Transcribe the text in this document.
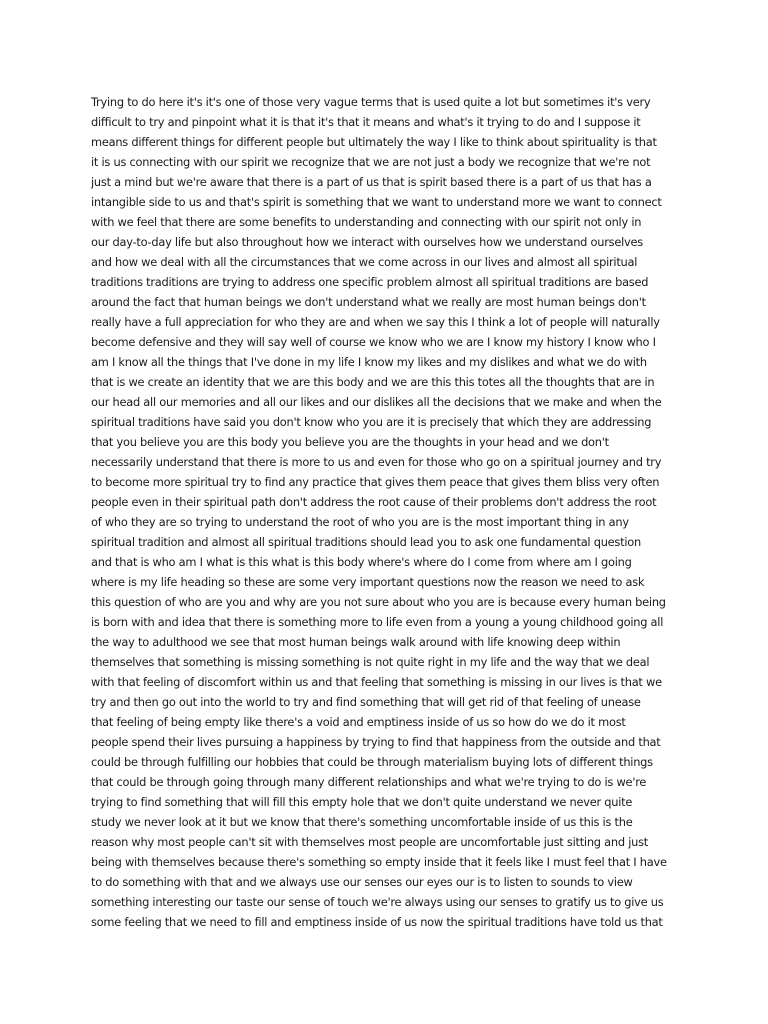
Trying to do here it's it's one of those very vague terms that is used quite a lot but sometimes it's very
difficult to try and pinpoint what it is that it's that it means and what's it trying to do and I suppose it
means different things for different people but ultimately the way I like to think about spirituality is that
it is us connecting with our spirit we recognize that we are not just a body we recognize that we're not
just a mind but we're aware that there is a part of us that is spirit based there is a part of us that has a
intangible side to us and that's spirit is something that we want to understand more we want to connect
with we feel that there are some benefits to understanding and connecting with our spirit not only in
our day-to-day life but also throughout how we interact with ourselves how we understand ourselves
and how we deal with all the circumstances that we come across in our lives and almost all spiritual
traditions traditions are trying to address one specific problem almost all spiritual traditions are based
around the fact that human beings we don't understand what we really are most human beings don't
really have a full appreciation for who they are and when we say this I think a lot of people will naturally
become defensive and they will say well of course we know who we are I know my history I know who I
am I know all the things that I've done in my life I know my likes and my dislikes and what we do with
that is we create an identity that we are this body and we are this this totes all the thoughts that are in
our head all our memories and all our likes and our dislikes all the decisions that we make and when the
spiritual traditions have said you don't know who you are it is precisely that which they are addressing
that you believe you are this body you believe you are the thoughts in your head and we don't
necessarily understand that there is more to us and even for those who go on a spiritual journey and try
to become more spiritual try to find any practice that gives them peace that gives them bliss very often
people even in their spiritual path don't address the root cause of their problems don't address the root
of who they are so trying to understand the root of who you are is the most important thing in any
spiritual tradition and almost all spiritual traditions should lead you to ask one fundamental question
and that is who am I what is this what is this body where's where do I come from where am I going
where is my life heading so these are some very important questions now the reason we need to ask
this question of who are you and why are you not sure about who you are is because every human being
is born with and idea that there is something more to life even from a young a young childhood going all
the way to adulthood we see that most human beings walk around with life knowing deep within
themselves that something is missing something is not quite right in my life and the way that we deal
with that feeling of discomfort within us and that feeling that something is missing in our lives is that we
try and then go out into the world to try and find something that will get rid of that feeling of unease
that feeling of being empty like there's a void and emptiness inside of us so how do we do it most
people spend their lives pursuing a happiness by trying to find that happiness from the outside and that
could be through fulfilling our hobbies that could be through materialism buying lots of different things
that could be through going through many different relationships and what we're trying to do is we're
trying to find something that will fill this empty hole that we don't quite understand we never quite
study we never look at it but we know that there's something uncomfortable inside of us this is the
reason why most people can't sit with themselves most people are uncomfortable just sitting and just
being with themselves because there's something so empty inside that it feels like I must feel that I have
to do something with that and we always use our senses our eyes our is to listen to sounds to view
something interesting our taste our sense of touch we're always using our senses to gratify us to give us
some feeling that we need to fill and emptiness inside of us now the spiritual traditions have told us that
